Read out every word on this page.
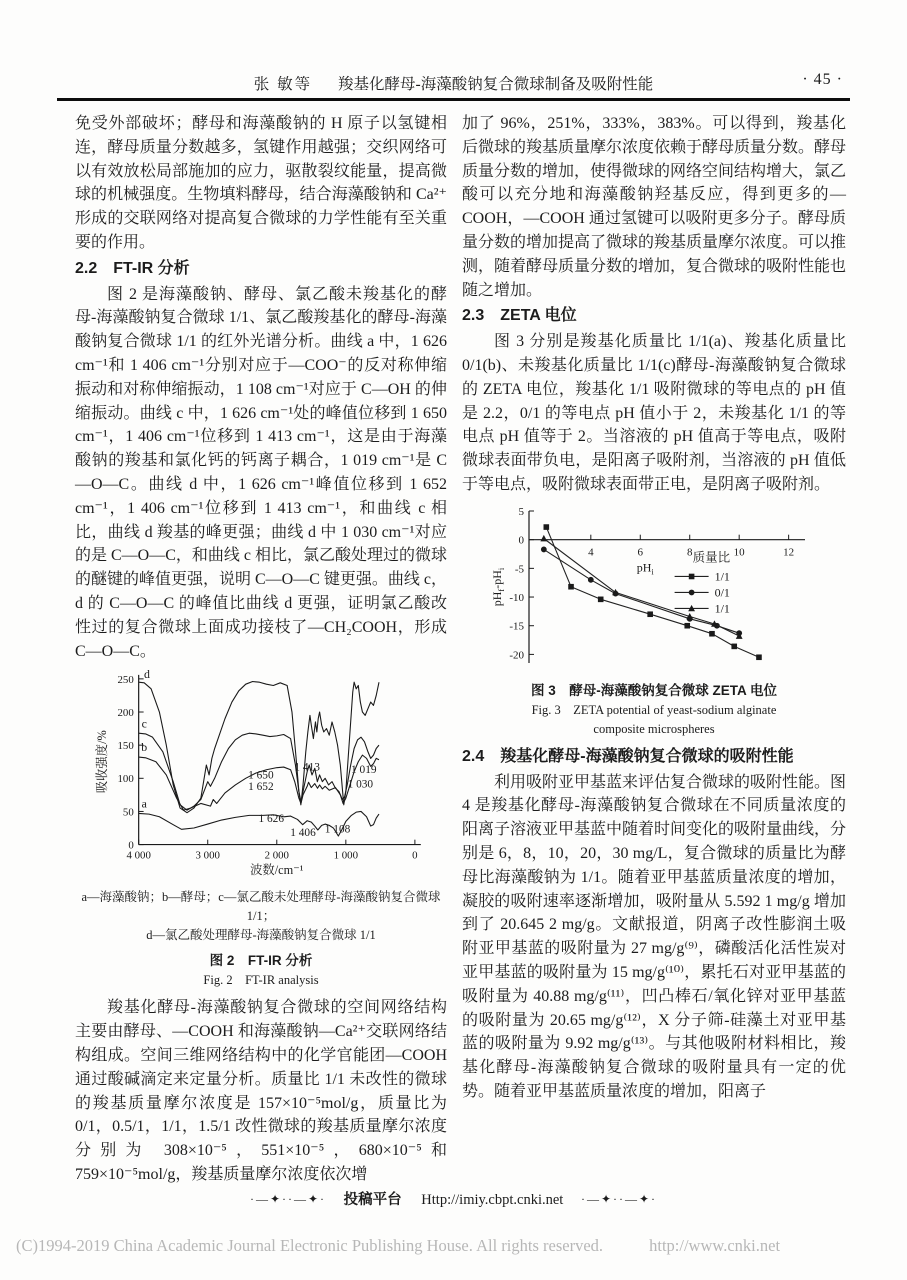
张 敏等 羧基化酵母-海藻酸钠复合微球制备及吸附性能	· 45 ·

免受外部破坏；酵母和海藻酸钠的 H 原子以氢键相连，酵母质量分数越多，氢键作用越强；交织网络可以有效放松局部施加的应力，驱散裂纹能量，提高微球的机械强度。生物填料酵母，结合海藻酸钠和 Ca²⁺形成的交联网络对提高复合微球的力学性能有至关重要的作用。

2.2　FT-IR 分析

图 2 是海藻酸钠、酵母、氯乙酸未羧基化的酵母-海藻酸钠复合微球 1/1、氯乙酸羧基化的酵母-海藻酸钠复合微球 1/1 的红外光谱分析。曲线 a 中，1 626 cm⁻¹和 1 406 cm⁻¹分别对应于—COO⁻的反对称伸缩振动和对称伸缩振动，1 108 cm⁻¹对应于 C—OH 的伸缩振动。曲线 c 中，1 626 cm⁻¹处的峰值位移到 1 650 cm⁻¹，1 406 cm⁻¹位移到 1 413 cm⁻¹，这是由于海藻酸钠的羧基和氯化钙的钙离子耦合，1 019 cm⁻¹是 C—O—C。曲线 d 中，1 626 cm⁻¹峰值位移到 1 652 cm⁻¹，1 406 cm⁻¹位移到 1 413 cm⁻¹，和曲线 c 相比，曲线 d 羧基的峰更强；曲线 d 中 1 030 cm⁻¹对应的是 C—O—C，和曲线 c 相比，氯乙酸处理过的微球的醚键的峰值更强，说明 C—O—C 键更强。曲线 c，d 的 C—O—C 的峰值比曲线 d 更强，证明氯乙酸改性过的复合微球上面成功接枝了—CH₂COOH，形成 C—O—C。

4 000	3 000	2 000	1 000	0
0
50
100
150
200
250
波数/cm⁻¹
吸收强度/%
a
b
c
d
1 650
1 652
1 413	1 019
1 030
1 626
1 406 1 108
a—海藻酸钠；b—酵母；c—氯乙酸未处理酵母-海藻酸钠复合微球 1/1；
d—氯乙酸处理酵母-海藻酸钠复合微球 1/1
图 2　FT-IR 分析
Fig. 2　FT-IR analysis

羧基化酵母-海藻酸钠复合微球的空间网络结构主要由酵母、—COOH 和海藻酸钠—Ca²⁺交联网络结构组成。空间三维网络结构中的化学官能团—COOH 通过酸碱滴定来定量分析。质量比 1/1 未改性的微球的羧基质量摩尔浓度是 157×10⁻⁵mol/g，质量比为 0/1，0.5/1，1/1，1.5/1 改性微球的羧基质量摩尔浓度分别为 308×10⁻⁵，551×10⁻⁵，680×10⁻⁵和 759×10⁻⁵mol/g，羧基质量摩尔浓度依次增

加了 96%，251%，333%，383%。可以得到，羧基化后微球的羧基质量摩尔浓度依赖于酵母质量分数。酵母质量分数的增加，使得微球的网络空间结构增大，氯乙酸可以充分地和海藻酸钠羟基反应，得到更多的—COOH，—COOH 通过氢键可以吸附更多分子。酵母质量分数的增加提高了微球的羧基质量摩尔浓度。可以推测，随着酵母质量分数的增加，复合微球的吸附性能也随之增加。

2.3　ZETA 电位

图 3 分别是羧基化质量比 1/1(a)、羧基化质量比 0/1(b)、未羧基化质量比 1/1(c)酵母-海藻酸钠复合微球的 ZETA 电位，羧基化 1/1 吸附微球的等电点的 pH 值是 2.2，0/1 的等电点 pH 值小于 2，未羧基化 1/1 的等电点 pH 值等于 2。当溶液的 pH 值高于等电点，吸附微球表面带负电，是阳离子吸附剂，当溶液的 pH 值低于等电点，吸附微球表面带正电，是阴离子吸附剂。

5
0
-5
-10
-15
-20
4	6	8	10	12
$pH_i$
$pH_f-pH_i$
质量比
1/1
0/1
1/1
图 3　酵母-海藻酸钠复合微球 ZETA 电位
Fig. 3　ZETA potential of yeast-sodium alginate
composite microspheres
2.4　羧基化酵母-海藻酸钠复合微球的吸附性能

利用吸附亚甲基蓝来评估复合微球的吸附性能。图 4 是羧基化酵母-海藻酸钠复合微球在不同质量浓度的阳离子溶液亚甲基蓝中随着时间变化的吸附量曲线，分别是 6，8，10，20，30 mg/L，复合微球的质量比为酵母比海藻酸钠为 1/1。随着亚甲基蓝质量浓度的增加，凝胶的吸附速率逐渐增加，吸附量从 5.592 1 mg/g 增加到了 20.645 2 mg/g。文献报道，阴离子改性膨润土吸附亚甲基蓝的吸附量为 27 mg/g⁽⁹⁾，磷酸活化活性炭对亚甲基蓝的吸附量为 15 mg/g⁽¹⁰⁾，累托石对亚甲基蓝的吸附量为 40.88 mg/g⁽¹¹⁾，凹凸棒石/氧化锌对亚甲基蓝的吸附量为 20.65 mg/g⁽¹²⁾，X 分子筛-硅藻土对亚甲基蓝的吸附量为 9.92 mg/g⁽¹³⁾。与其他吸附材料相比，羧基化酵母-海藻酸钠复合微球的吸附量具有一定的优势。随着亚甲基蓝质量浓度的增加，阳离子

·—✦··—✦· 投稿平台 Http://imiy.cbpt.cnki.net ·—✦··—✦·
(C)1994-2019 China Academic Journal Electronic Publishing House. All rights reserved.	http://www.cnki.net
